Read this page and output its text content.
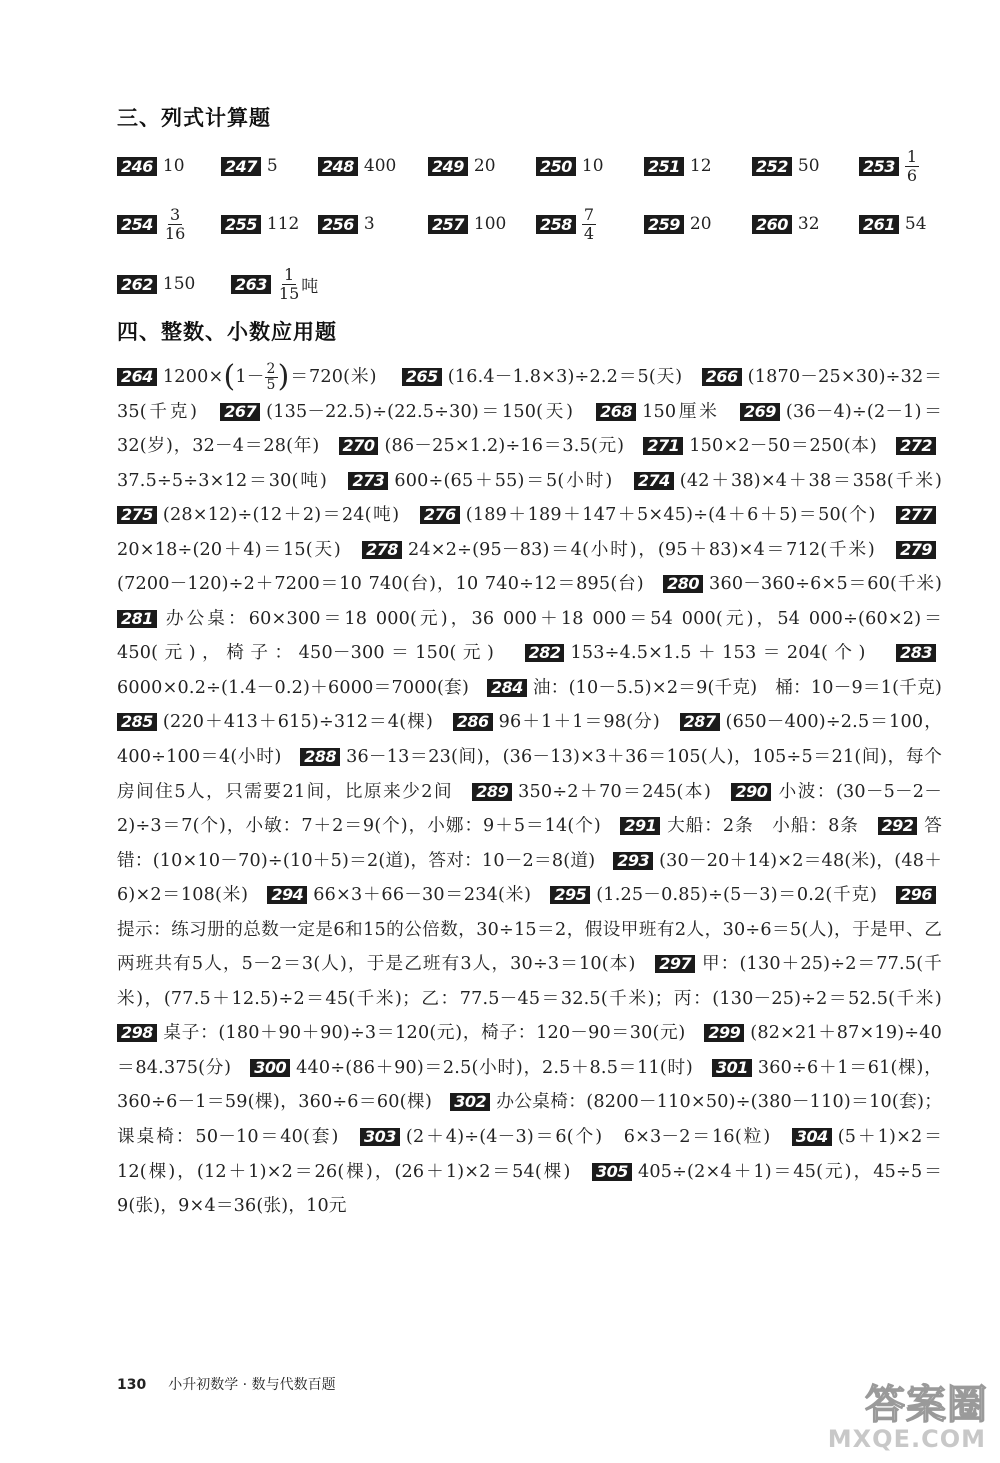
三、列式计算题
246 10	247 5	248 400 249 20	250 10	251 12	252 50	$253 \frac{1}{6}$
$254 \frac{3}{16} 255$ 112 256 3	257 100 $258 \frac{7}{4}$	259 20	260 32	261 54
262 150 $263 \frac{1}{15}$ 吨
四、整数、小数应用题
264 $1200\times(1- \frac{2}{5} )=720$(米) 　 265 (16.4－1.8×3)÷2.2＝5(天)　 266 (1870－25×30)÷32＝35(千克)　 267 (135－22.5)÷(22.5÷30)＝150(天)　 268 150厘米　 269 (36－4)÷(2－1)＝32(岁)，32－4＝28(年)　 270 (86－25×1.2)÷16＝3.5(元)　 271 150×2－50＝250(本)　 27237.5÷5÷3×12＝30(吨)　 273 600÷(65＋55)＝5(小时)　 274 (42＋38)×4＋38＝358(千米)　275 (28×12)÷(12＋2)＝24(吨)　 276 (189＋189＋147＋5×45)÷(4＋6＋5)＝50(个)　 27720×18÷(20＋4)＝15(天)　 278 24×2÷(95－83)＝4(小时)，(95＋83)×4＝712(千米)　 279(7200－120)÷2＋7200＝10 740(台)，10 740÷12＝895(台)　 280 360－360÷6×5＝60(千米)　281 办公桌：60×300＝18 000(元)，36 000＋18 000＝54 000(元)，54 000÷(60×2)＝450(元)，椅子：450－300＝150(元)　 282 153÷4.5×1.5＋153＝204(个)　 2836000×0.2÷(1.4－0.2)＋6000＝7000(套)　 284 油：(10－5.5)×2＝9(千克)　桶：10－9＝1(千克)　285 (220＋413＋615)÷312＝4(棵)　 286 96＋1＋1＝98(分)　 287 (650－400)÷2.5＝100，400÷100＝4(小时)　 288 36－13＝23(间)，(36－13)×3＋36＝105(人)，105÷5＝21(间)，每个房间住5人，只需要21间，比原来少2间　 289 350÷2＋70＝245(本)　 290 小波：(30－5－2－2)÷3＝7(个)，小敏：7＋2＝9(个)，小娜：9＋5＝14(个)　 291 大船：2条　小船：8条　 292 答错：(10×10－70)÷(10＋5)＝2(道)，答对：10－2＝8(道)　 293 (30－20＋14)×2＝48(米)，(48＋6)×2＝108(米)　 294 66×3＋66－30＝234(米)　 295 (1.25－0.85)÷(5－3)＝0.2(千克)　 296提示：练习册的总数一定是6和15的公倍数，30÷15＝2，假设甲班有2人，30÷6＝5(人)，于是甲、乙两班共有5人，5－2＝3(人)，于是乙班有3人，30÷3＝10(本)　 297 甲：(130＋25)÷2＝77.5(千米)，(77.5＋12.5)÷2＝45(千米)；乙：77.5－45＝32.5(千米)；丙：(130－25)÷2＝52.5(千米)　298 桌子：(180＋90＋90)÷3＝120(元)，椅子：120－90＝30(元)　 299 (82×21＋87×19)÷40＝84.375(分)　 300 440÷(86＋90)＝2.5(小时)，2.5＋8.5＝11(时)　 301 360÷6＋1＝61(棵)，360÷6－1＝59(棵)，360÷6＝60(棵)　 302 办公桌椅：(8200－110×50)÷(380－110)＝10(套)；课桌椅：50－10＝40(套)　 303 (2＋4)÷(4－3)＝6(个)　6×3－2＝16(粒)　 304 (5＋1)×2＝12(棵)，(12＋1)×2＝26(棵)，(26＋1)×2＝54(棵)　 305 405÷(2×4＋1)＝45(元)，45÷5＝9(张)，9×4＝36(张)，10元
130 小升初数学 · 数与代数百题	答案圈
MXQE.COM
